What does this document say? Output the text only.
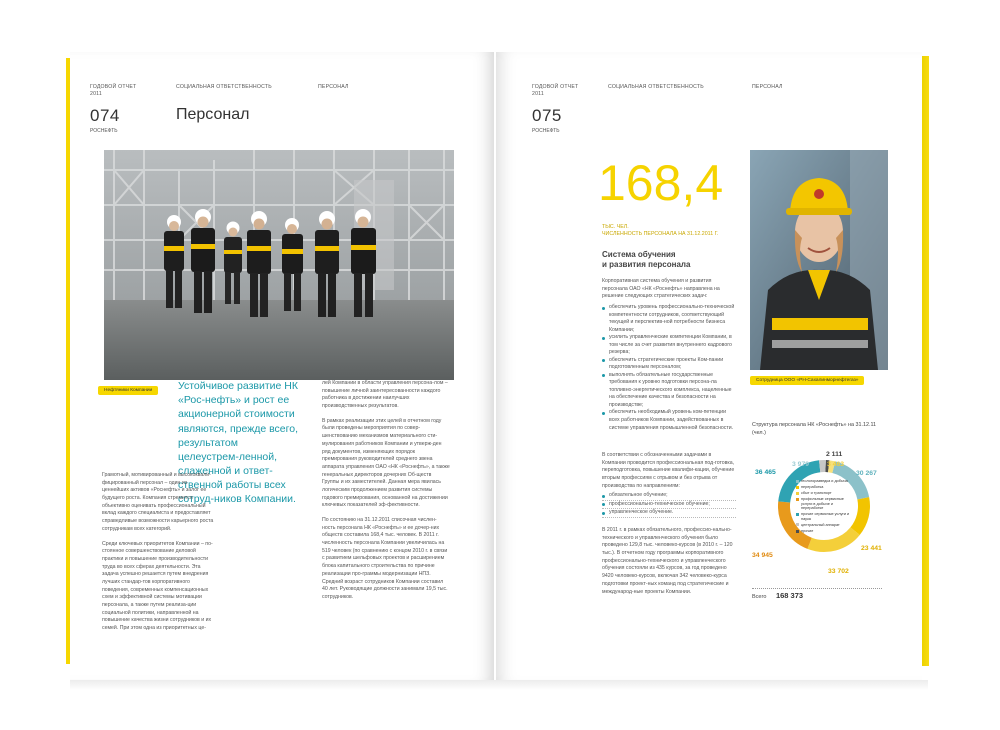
ГОДОВОЙ ОТЧЕТ
2011
СОЦИАЛЬНАЯ ОТВЕТСТВЕННОСТЬ	ПЕРСОНАЛ
074
РОСНЕФТЬ
Персонал
Нефтяники Компании	Устойчивое развитие НК «Рос-нефть» и рост ее акционерной стоимости являются, прежде всего, результатом целеустрем-ленной, слаженной и ответ-ственной работы всех сотруд-ников Компании.

Грамотный, мотивированный и высококвали-фицированный персонал – один из ценнейших активов «Роснефть» и залог ее будущего роста. Компания стремится объективно оценивать профессиональный вклад каждого специалиста и предоставляет справедливые возможности карьерного роста сотрудникам всех категорий.

Среди ключевых приоритетов Компании – по-стоянное совершенствование деловой практики и повышение производительности труда во всех сферах деятельности. Эта задача успешно решается путем внедрения лучших стандар-тов корпоративного поведения, современных компенсационных схем и эффективной системы мотивации персонала, а также путем реализа-ции социальной политики, направленной на повышение качества жизни сотрудников и их семей. При этом одна из приоритетных це-

лей Компании в области управления персона-лом – повышение личной заинтересованности каждого работника в достижении наилучших производственных результатов.

В рамках реализации этих целей в отчетном году были проведены мероприятия по совер-шенствованию механизмов материального сти-мулирования работников Компании и утверж-ден ряд документов, изменяющих порядок премирования руководителей среднего звена аппарата управления ОАО «НК «Роснефть», а также генеральных директоров дочерних Об-ществ Группы и их заместителей. Данная мера явилась логическим продолжением развития системы годового премирования, основанной на достижении ключевых показателей эф-фективности.

По состоянию на 31.12.2011 списочная числен-ность персонала НК «Роснефть» и ее дочер-них обществ составила 168,4 тыс. человек. В 2011 г. численность персонала Компании увеличилась на 519 человек (по сравнению с концом 2010 г. в связи с развитием шельфовых проектов и расширением блока капитального строительства по причине реализации про-граммы модернизации НПЗ. Средний возраст сотрудников Компании составил 40 лет. Руководящие должности занимали 19,5 тыс. сотрудников.

ГОДОВОЙ ОТЧЕТ
2011
СОЦИАЛЬНАЯ ОТВЕТСТВЕННОСТЬ	ПЕРСОНАЛ
075
РОСНЕФТЬ
168,4
ТЫС. ЧЕЛ.
ЧИСЛЕННОСТЬ ПЕРСОНАЛА НА 31.12.2011 Г.
Система обучения
и развития персонала
Корпоративная система обучения и развития персонала ОАО «НК «Роснефть» направлена на решение следующих стратегических задач:
обеспечить уровень профессионально-технической компетентности сотрудников, соответствующий текущей и перспектив-ной потребности бизнеса Компании;
усилить управленческие компетенции Компании, в том числе за счет развития внутреннего кадрового резерва;
обеспечить стратегические проекты Ком-пании подготовленным персоналом;
выполнять обязательные государственные требования к уровню подготовки персона-ла топливно-энергетического комплекса, нацеленные на обеспечение качества и безопасности на производстве;
обеспечить необходимый уровень ком-петенции всех работников Компании, задействованных в системе управления промышленной безопасности.
В соответствии с обозначенными задачами в Компании проводится профессиональная под-готовка, переподготовка, повышение квалифи-кации, обучение вторым профессиям с отрывом и без отрыва от производства по направлениям:
обязательное обучение;
профессионально-техническое обучение;
управленческое обучение.
В 2011 г. в рамках обязательного, профессио-нально-технического и управленческого обучения было проведено 129,8 тыс. человеко-курсов (в 2010 г. – 120 тыс.). В отчетном году программы корпоративного профессионально-технического и управленческого обучения состояли из 435 курсов, за год проведено 9420 человеко-курсов, включая 342 человеко-курса подготовки проект-ных команд под стратегические и международ-ные проекты Компании.
Сотрудница ООО «РН-Сахалинморнефтегаз»
Структура персонала НК «Роснефть» на 31.12.11 (чел.)
геологоразведка и добыча
переработка
сбыт и транспорт
профильные сервисные услуги в добыче и переработке
прочие сервисные услуги и наука
центральный аппарат
прочие
2 111
3 979	3 463
30 267
36 465
23 441
34 945
33 702
Всего 168 373
